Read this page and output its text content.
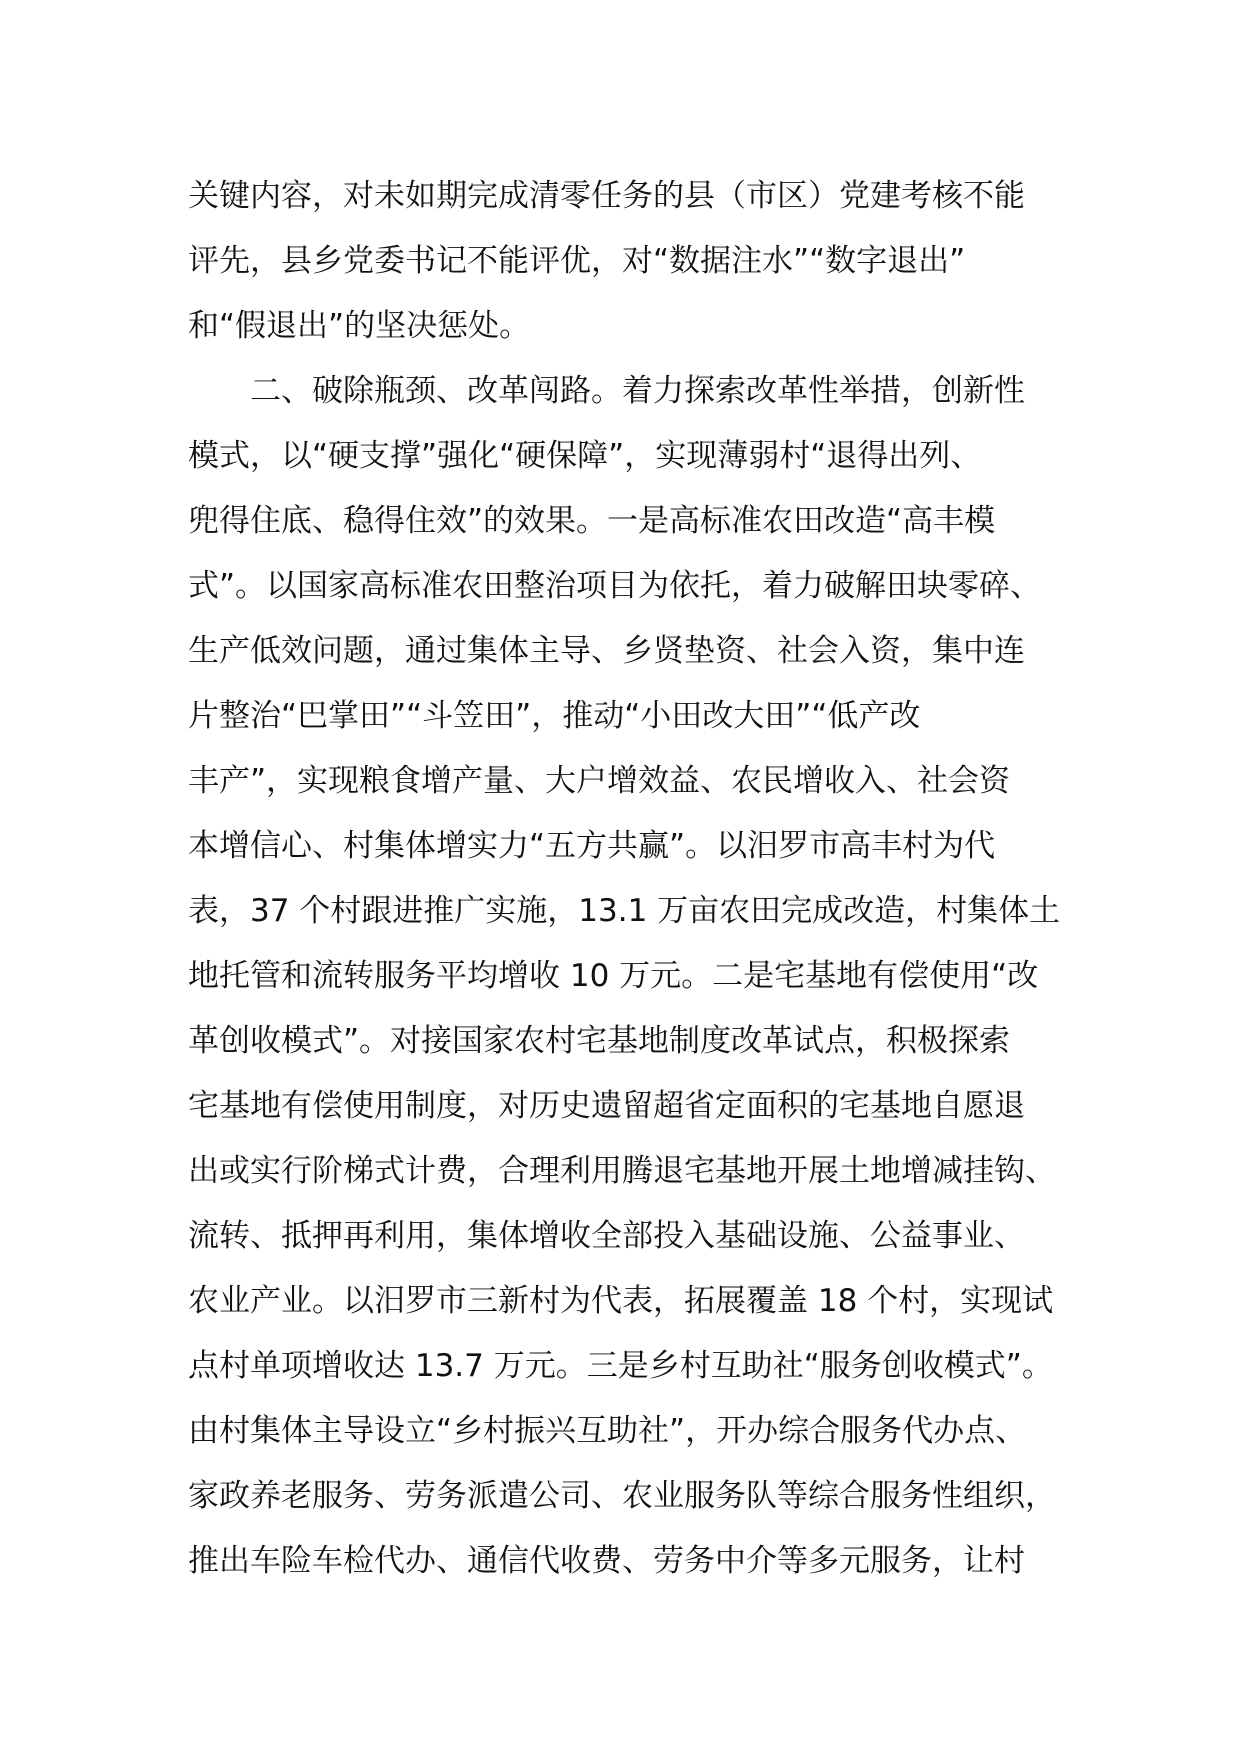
关键内容，对未如期完成清零任务的县（市区）党建考核不能
评先，县乡党委书记不能评优，对“数据注水”“数字退出”
和“假退出”的坚决惩处。
二、破除瓶颈、改革闯路。着力探索改革性举措，创新性
模式，以“硬支撑”强化“硬保障”，实现薄弱村“退得出列、
兜得住底、稳得住效”的效果。一是高标准农田改造“高丰模
式”。以国家高标准农田整治项目为依托，着力破解田块零碎、
生产低效问题，通过集体主导、乡贤垫资、社会入资，集中连
片整治“巴掌田”“斗笠田”，推动“小田改大田”“低产改
丰产”，实现粮食增产量、大户增效益、农民增收入、社会资
本增信心、村集体增实力“五方共赢”。以汨罗市高丰村为代
表，37 个村跟进推广实施，13.1 万亩农田完成改造，村集体土
地托管和流转服务平均增收 10 万元。二是宅基地有偿使用“改
革创收模式”。对接国家农村宅基地制度改革试点，积极探索
宅基地有偿使用制度，对历史遗留超省定面积的宅基地自愿退
出或实行阶梯式计费，合理利用腾退宅基地开展土地增减挂钩、
流转、抵押再利用，集体增收全部投入基础设施、公益事业、
农业产业。以汨罗市三新村为代表，拓展覆盖 18 个村，实现试
点村单项增收达 13.7 万元。三是乡村互助社“服务创收模式”。
由村集体主导设立“乡村振兴互助社”，开办综合服务代办点、
家政养老服务、劳务派遣公司、农业服务队等综合服务性组织，
推出车险车检代办、通信代收费、劳务中介等多元服务，让村
